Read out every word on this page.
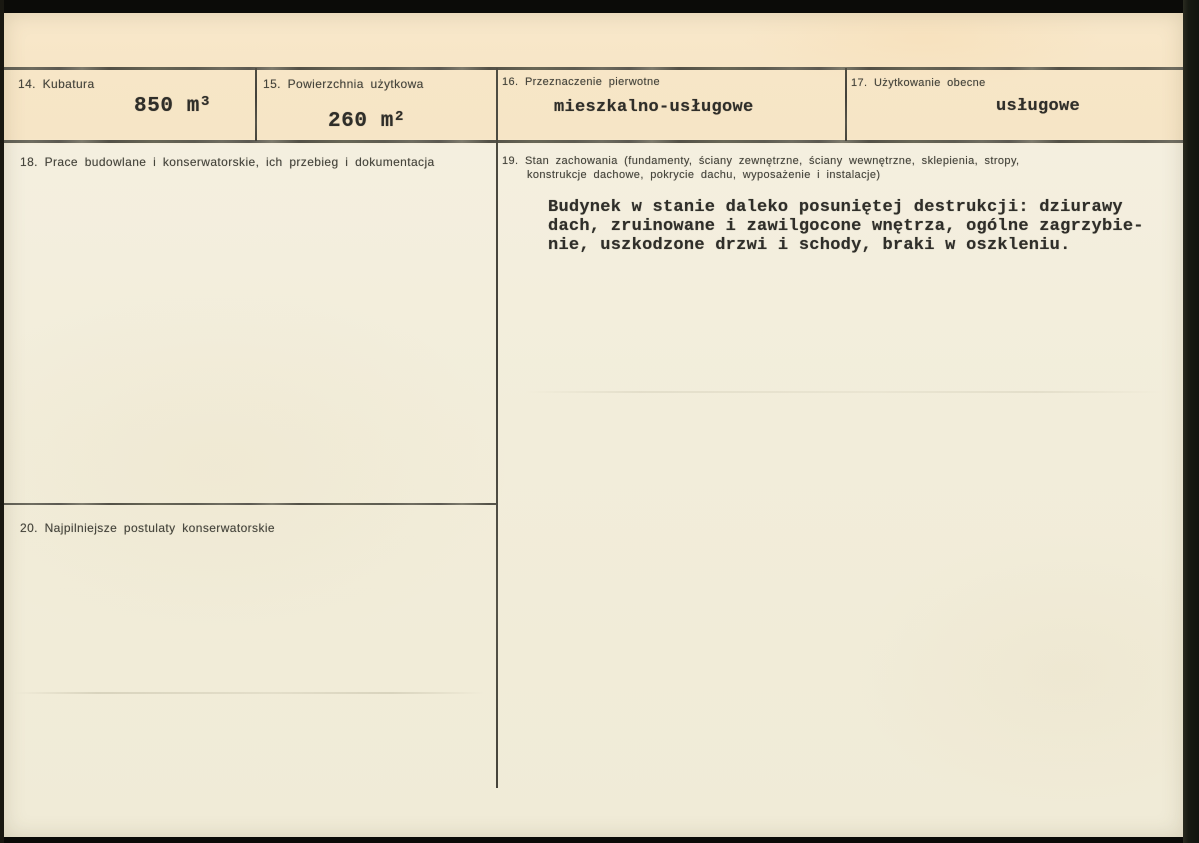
14. Kubatura
850 $m^3$
15. Powierzchnia użytkowa
260 $m^2$
16. Przeznaczenie pierwotne
mieszkalno-usługowe
17. Użytkowanie obecne
usługowe
18. Prace budowlane i konserwatorskie, ich przebieg i dokumentacja	19. Stan zachowania (fundamenty, ściany zewnętrzne, ściany wewnętrzne, sklepienia, stropy,
konstrukcje dachowe, pokrycie dachu, wyposażenie i instalacje)
Budynek w stanie daleko posuniętej destrukcji: dziurawy
dach, zruinowane i zawilgocone wnętrza, ogólne zagrzybie-
nie, uszkodzone drzwi i schody, braki w oszkleniu.
20. Najpilniejsze postulaty konserwatorskie
